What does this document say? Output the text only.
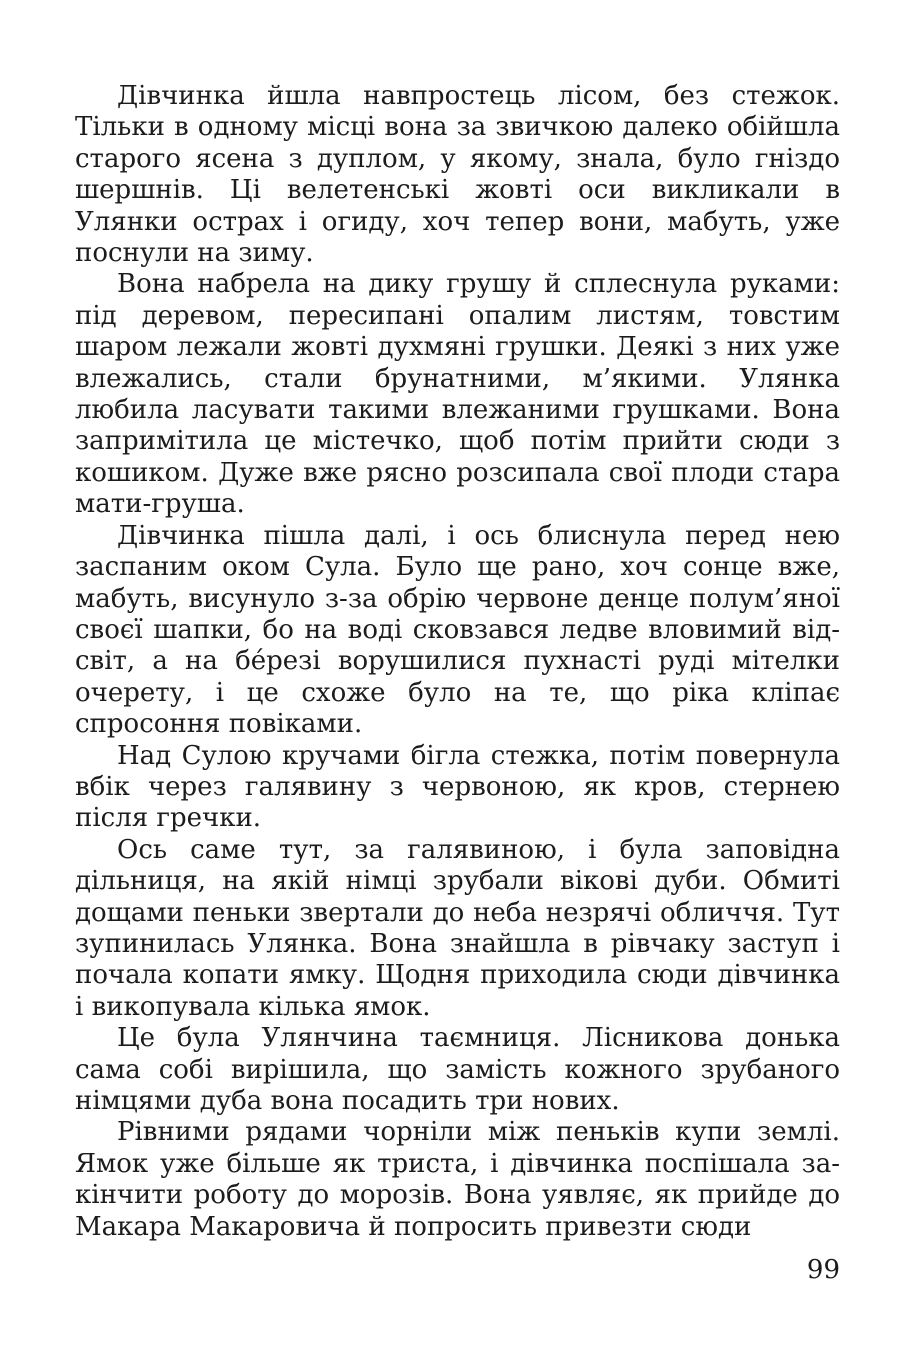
Дівчинка йшла навпростець лісом, без стежок. Тільки в одному місці вона за звичкою далеко обійшла старого ясена з дуплом, у якому, знала, було гніздо шершнів. Ці велетенські жовті оси викликали в Улянки острах і огиду, хоч тепер вони, мабуть, уже поснули на зиму.

Вона набрела на дику грушу й сплеснула руками: під деревом, пересипані опалим листям, товстим шаром лежали жовті духмяні грушки. Деякі з них уже влежались, стали брунатними, м’якими. Улянка любила ласувати такими влежаними грушками. Вона запримітила це містечко, щоб потім прийти сюди з кошиком. Дуже вже рясно розсипала свої плоди стара мати-груша.

Дівчинка пішла далі, і ось блиснула перед нею заспаним оком Сула. Було ще рано, хоч сонце вже, мабуть, висунуло з-за обрію червоне денце полум’яної своєї шапки, бо на воді сковзався ледве вловимий відсвіт, а на бе́резі ворушилися пухнасті руді мітелки очерету, і це схоже було на те, що ріка кліпає спросоння повіками.

Над Сулою кручами бігла стежка, потім повернула вбік через галявину з червоною, як кров, стернею після гречки.

Ось саме тут, за галявиною, і була заповідна дільниця, на якій німці зрубали вікові дуби. Обмиті дощами пеньки звертали до неба незрячі обличчя. Тут зупинилась Улянка. Вона знайшла в рівчаку заступ і почала копати ямку. Щодня приходила сюди дівчинка і викопувала кілька ямок.

Це була Улянчина таємниця. Лісникова донька сама собі вирішила, що замість кожного зрубаного німцями дуба вона посадить три нових.

Рівними рядами чорніли між пеньків купи землі. Ямок уже більше як триста, і дівчинка поспішала закінчити роботу до морозів. Вона уявляє, як прийде до Макара Макаровича й попросить привезти сюди

99
